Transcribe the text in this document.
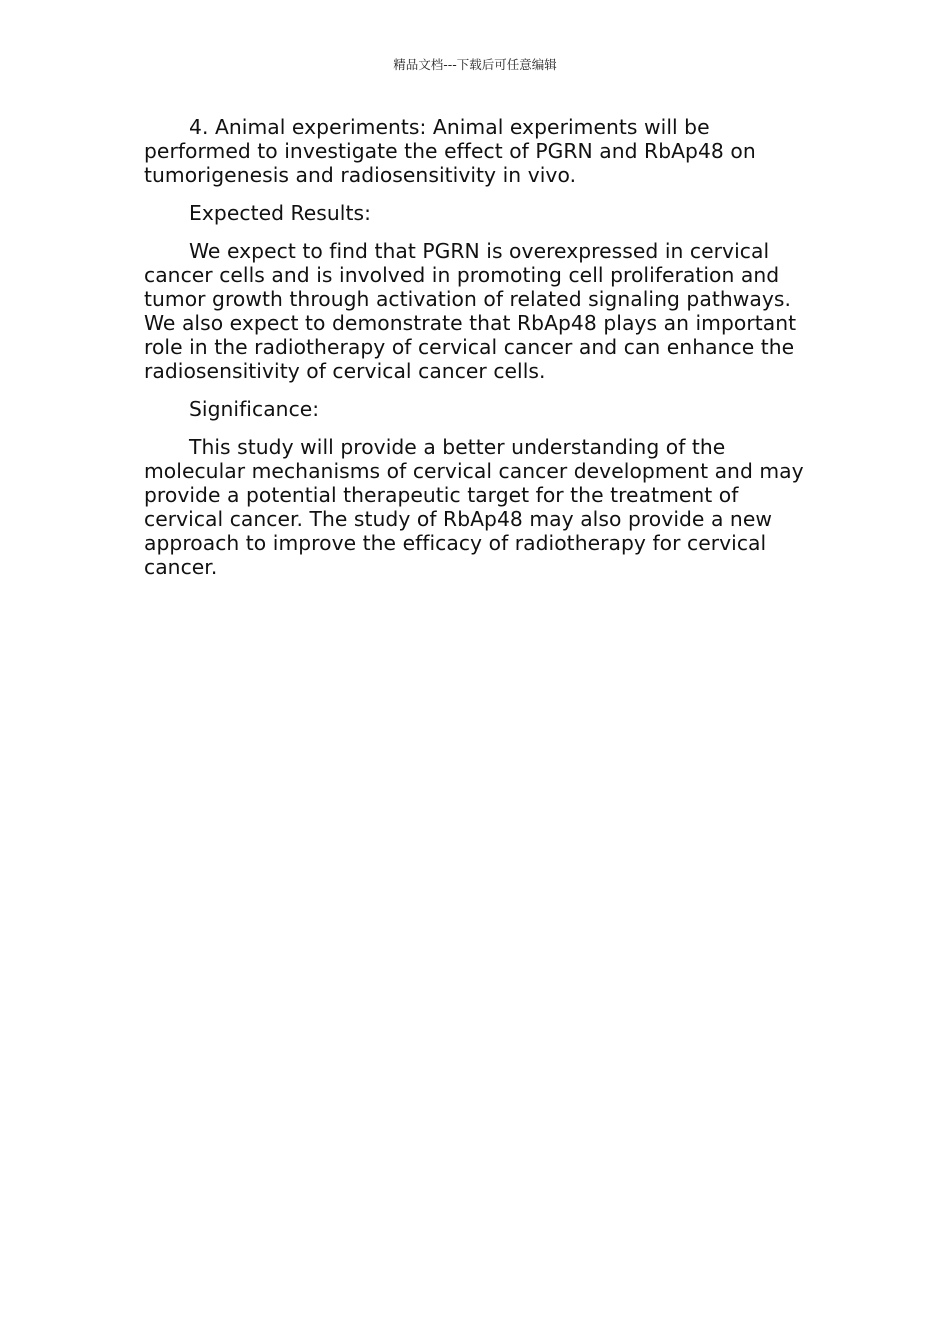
精品文档---下载后可任意编辑

4. Animal experiments: Animal experiments will be performed to investigate the effect of PGRN and RbAp48 on tumorigenesis and radiosensitivity in vivo.

Expected Results:

We expect to find that PGRN is overexpressed in cervical cancer cells and is involved in promoting cell proliferation and tumor growth through activation of related signaling pathways. We also expect to demonstrate that RbAp48 plays an important role in the radiotherapy of cervical cancer and can enhance the radiosensitivity of cervical cancer cells.

Significance:

This study will provide a better understanding of the molecular mechanisms of cervical cancer development and may provide a potential therapeutic target for the treatment of cervical cancer. The study of RbAp48 may also provide a new approach to improve the efficacy of radiotherapy for cervical cancer.
